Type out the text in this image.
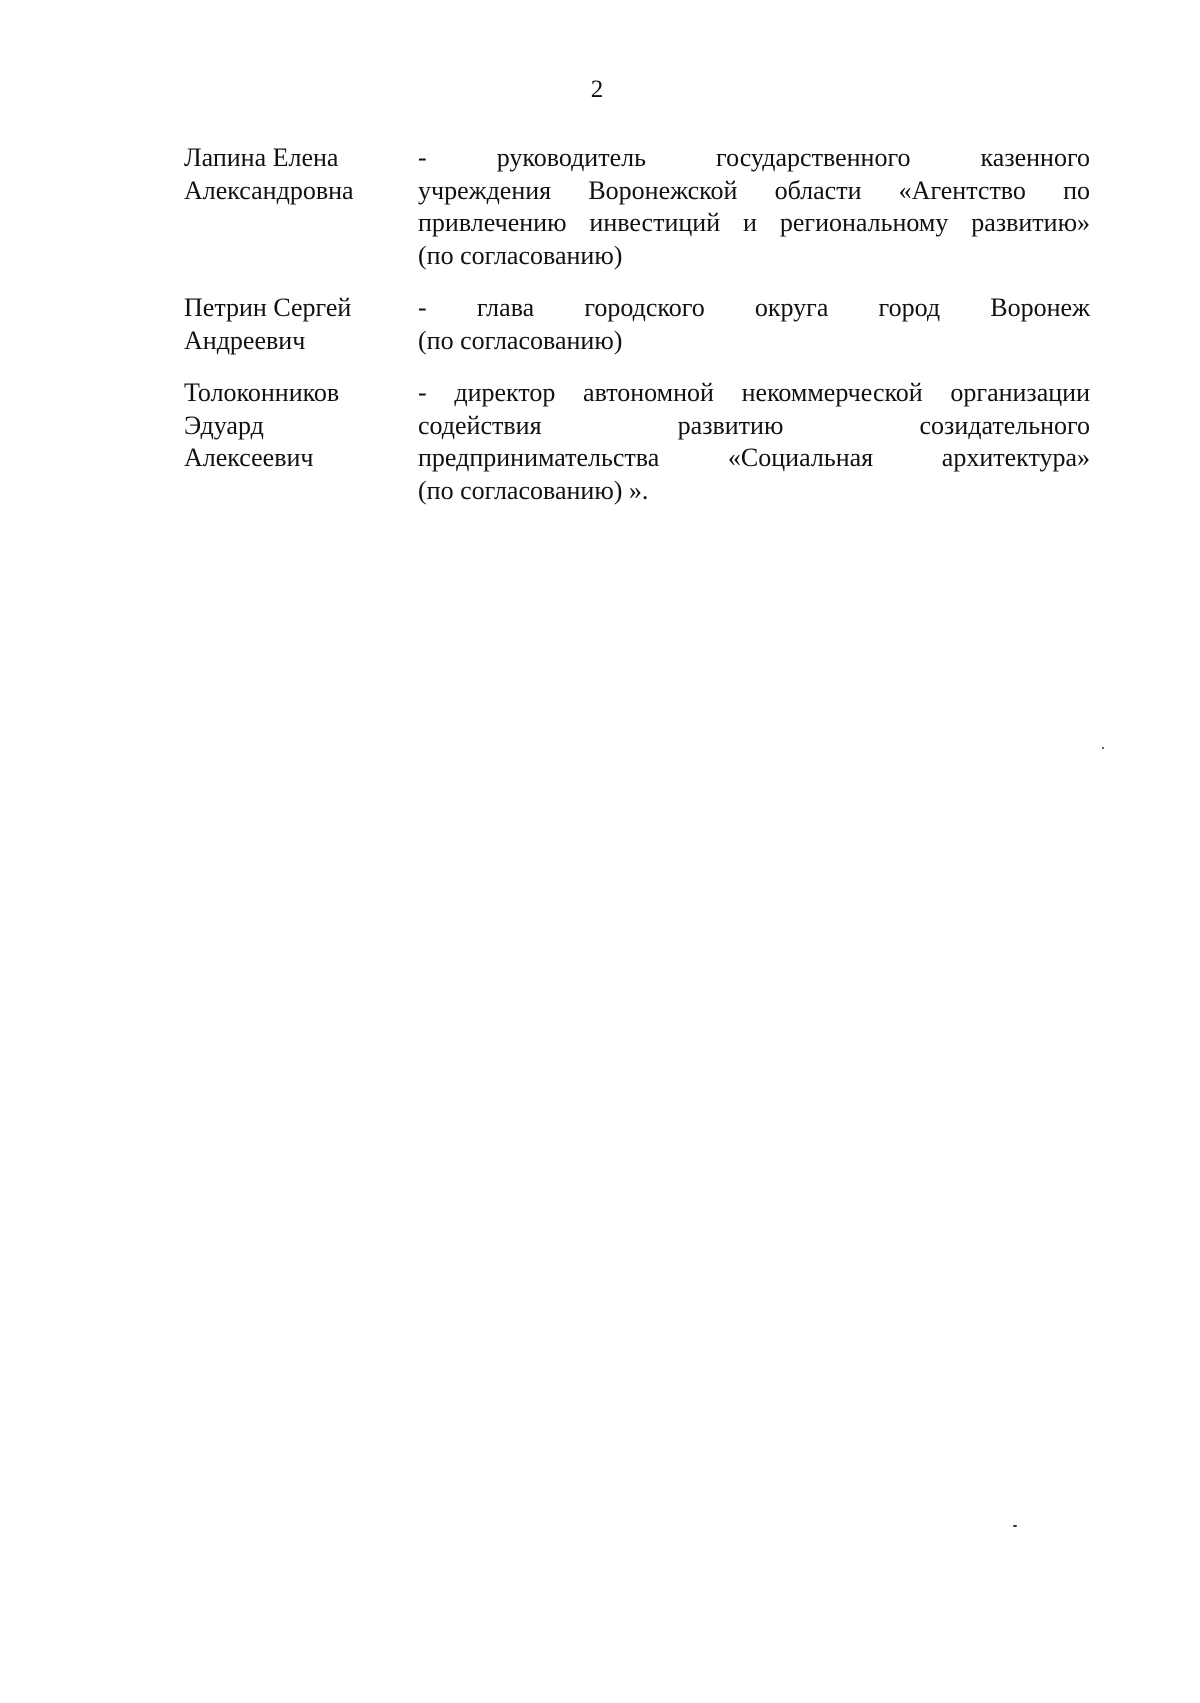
2
Лапина Елена
Александровна
- руководитель государственного казенного
учреждения Воронежской области «Агентство по
привлечению инвестиций и региональному развитию»
(по согласованию)
Петрин Сергей
Андреевич
- глава городского округа город Воронеж
(по согласованию)
Толоконников
Эдуард
Алексеевич
- директор автономной некоммерческой организации
содействия развитию созидательного
предпринимательства «Социальная архитектура»
(по согласованию) ».
